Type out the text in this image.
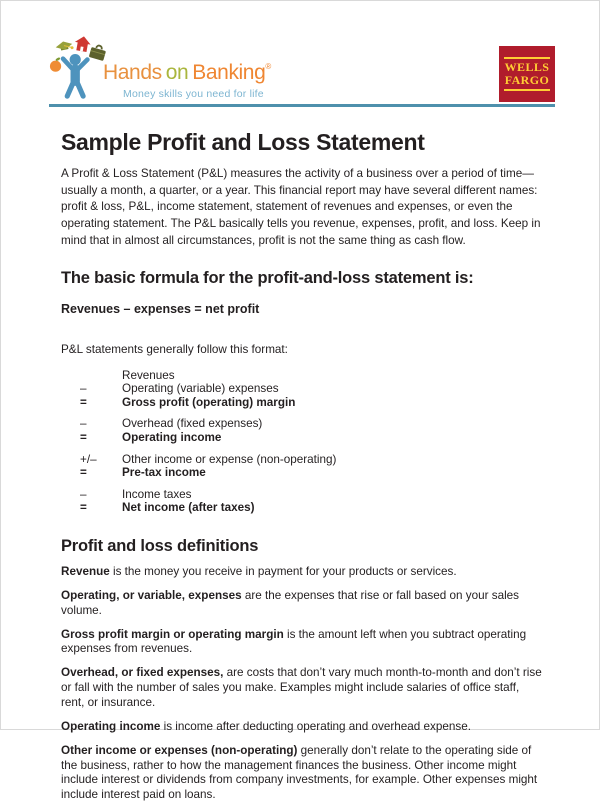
Hands on Banking®
Money skills you need for life
WELLS
FARGO
Sample Profit and Loss Statement

A Profit & Loss Statement (P&L) measures the activity of a business over a period of time—usually a month, a quarter, or a year. This financial report may have several different names: profit & loss, P&L, income statement, statement of revenues and expenses, or even the operating statement. The P&L basically tells you revenue, expenses, profit, and loss. Keep in mind that in almost all circumstances, profit is not the same thing as cash flow.

The basic formula for the profit-and-loss statement is:

Revenues – expenses = net profit

P&L statements generally follow this format:

Revenues
–	Operating (variable) expenses
=	Gross profit (operating) margin
–	Overhead (fixed expenses)
=	Operating income
+/–	Other income or expense (non-operating)
=	Pre-tax income
–	Income taxes
=	Net income (after taxes)
Profit and loss definitions

Revenue is the money you receive in payment for your products or services.

Operating, or variable, expenses are the expenses that rise or fall based on your sales volume.

Gross profit margin or operating margin is the amount left when you subtract operating expenses from revenues.

Overhead, or fixed expenses, are costs that don’t vary much month-to-month and don’t rise or fall with the number of sales you make. Examples might include salaries of office staff, rent, or insurance.

Operating income is income after deducting operating and overhead expense.

Other income or expenses (non-operating) generally don’t relate to the operating side of the business, rather to how the management finances the business. Other income might include interest or dividends from company investments, for example. Other expenses might include interest paid on loans.
